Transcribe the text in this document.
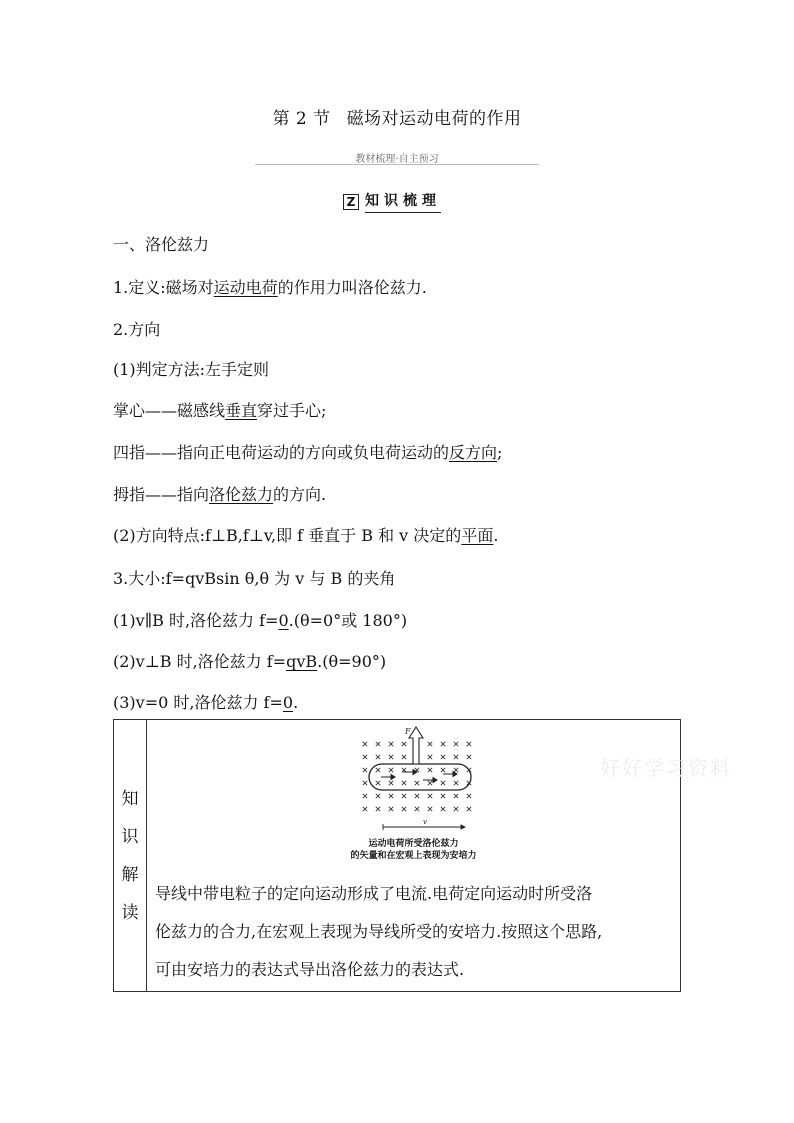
第 2 节 磁场对运动电荷的作用
教材梳理·自主预习
Z 知识梳理
一、洛伦兹力
1.定义:磁场对运动电荷的作用力叫洛伦兹力.
2.方向
(1)判定方法:左手定则
掌心——磁感线垂直穿过手心;
四指——指向正电荷运动的方向或负电荷运动的反方向;
拇指——指向洛伦兹力的方向.
(2)方向特点:f⊥B,f⊥v,即 f 垂直于 B 和 v 决定的平面.
3.大小:f=qvBsin θ,θ 为 v 与 B 的夹角
(1)v∥B 时,洛伦兹力 f=0.(θ=0°或 180°)
(2)v⊥B 时,洛伦兹力 f=qvB.(θ=90°)
(3)v=0 时,洛伦兹力 f=0.
知
识
解
读

F
v
运动电荷所受洛伦兹力
的矢量和在宏观上表现为安培力
导线中带电粒子的定向运动形成了电流.电荷定向运动时所受洛
伦兹力的合力,在宏观上表现为导线所受的安培力.按照这个思路,
可由安培力的表达式导出洛伦兹力的表达式.
好好学习资料
